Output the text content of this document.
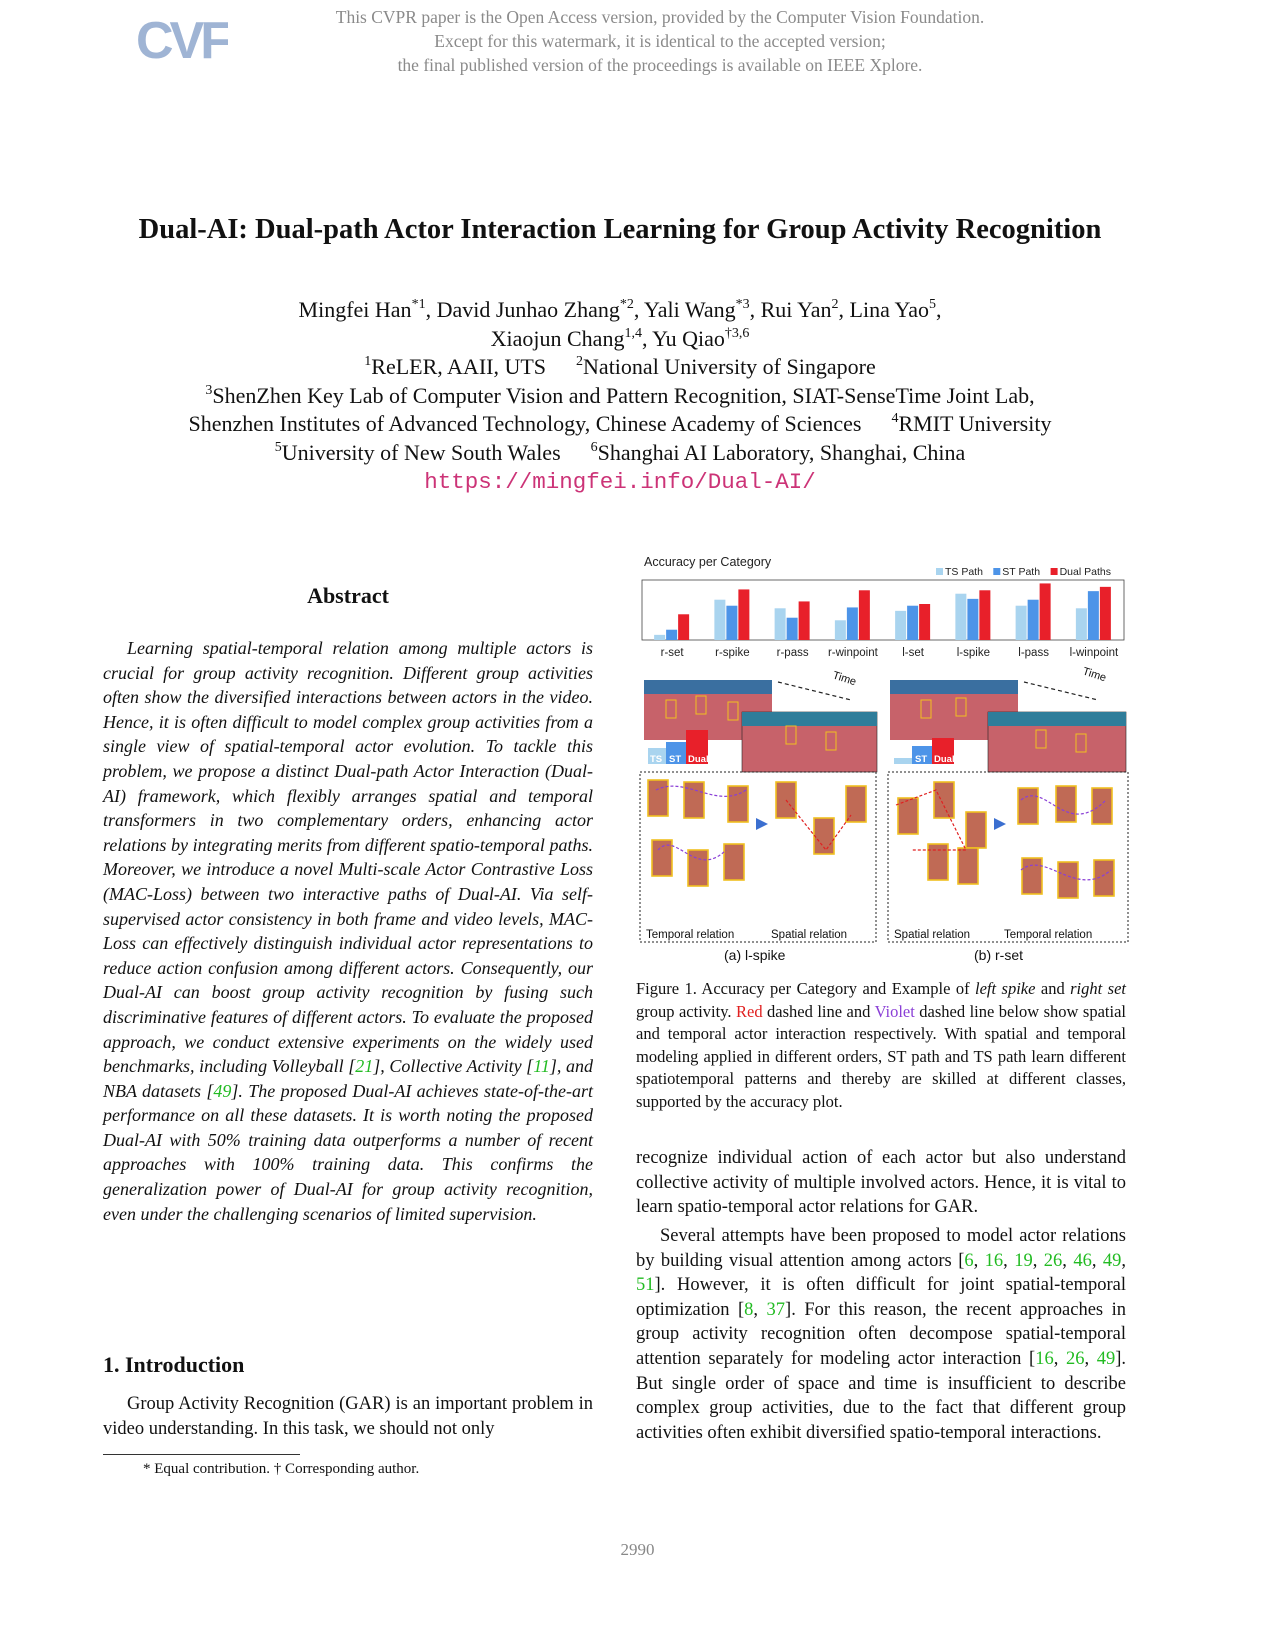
CVF	This CVPR paper is the Open Access version, provided by the Computer Vision Foundation.
Except for this watermark, it is identical to the accepted version;
the final published version of the proceedings is available on IEEE Xplore.
Dual-AI: Dual-path Actor Interaction Learning for Group Activity Recognition
Mingfei Han$^{*1}$, David Junhao Zhang$^{*2}$, Yali Wang$^{*3}$, Rui Yan$^2$, Lina Yao$^5$,
Xiaojun Chang$^{1,4}$, Yu Qiao$^{\dagger 3,6}$
$^1$ReLER, AAII, UTS $^2$National University of Singapore
$^3$ShenZhen Key Lab of Computer Vision and Pattern Recognition, SIAT-SenseTime Joint Lab,
Shenzhen Institutes of Advanced Technology, Chinese Academy of Sciences $^4$RMIT University
$^5$University of New South Wales $^6$Shanghai AI Laboratory, Shanghai, China
https://mingfei.info/Dual-AI/
Abstract
Learning spatial-temporal relation among multiple actors is crucial for group activity recognition. Different group activities often show the diversified interactions between actors in the video. Hence, it is often difficult to model complex group activities from a single view of spatial-temporal actor evolution. To tackle this problem, we propose a distinct Dual-path Actor Interaction (Dual-AI) framework, which flexibly arranges spatial and temporal transformers in two complementary orders, enhancing actor relations by integrating merits from different spatio-temporal paths. Moreover, we introduce a novel Multi-scale Actor Contrastive Loss (MAC-Loss) between two interactive paths of Dual-AI. Via self-supervised actor consistency in both frame and video levels, MAC-Loss can effectively distinguish individual actor representations to reduce action confusion among different actors. Consequently, our Dual-AI can boost group activity recognition by fusing such discriminative features of different actors. To evaluate the proposed approach, we conduct extensive experiments on the widely used benchmarks, including Volleyball [21], Collective Activity [11], and NBA datasets [49]. The proposed Dual-AI achieves state-of-the-art performance on all these datasets. It is worth noting the proposed Dual-AI with 50% training data outperforms a number of recent approaches with 100% training data. This confirms the generalization power of Dual-AI for group activity recognition, even under the challenging scenarios of limited supervision.
1. Introduction
Group Activity Recognition (GAR) is an important problem in video understanding. In this task, we should not only
* Equal contribution. † Corresponding author.
Accuracy per Category
TS Path ST Path Dual Paths
r-set	r-spike r-pass r-winpoint l-set	l-spike l-pass l-winpoint
Time
TS ST Dual
Time
ST Dual
Temporal relation	Spatial relation	Spatial relation	Temporal relation
(a) l-spike	(b) r-set
Figure 1. Accuracy per Category and Example of left spike and right set group activity. Red dashed line and Violet dashed line below show spatial and temporal actor interaction respectively. With spatial and temporal modeling applied in different orders, ST path and TS path learn different spatiotemporal patterns and thereby are skilled at different classes, supported by the accuracy plot.
recognize individual action of each actor but also understand collective activity of multiple involved actors. Hence, it is vital to learn spatio-temporal actor relations for GAR.
Several attempts have been proposed to model actor relations by building visual attention among actors [6, 16, 19, 26, 46, 49, 51]. However, it is often difficult for joint spatial-temporal optimization [8, 37]. For this reason, the recent approaches in group activity recognition often decompose spatial-temporal attention separately for modeling actor interaction [16, 26, 49]. But single order of space and time is insufficient to describe complex group activities, due to the fact that different group activities often exhibit diversified spatio-temporal interactions.
2990
